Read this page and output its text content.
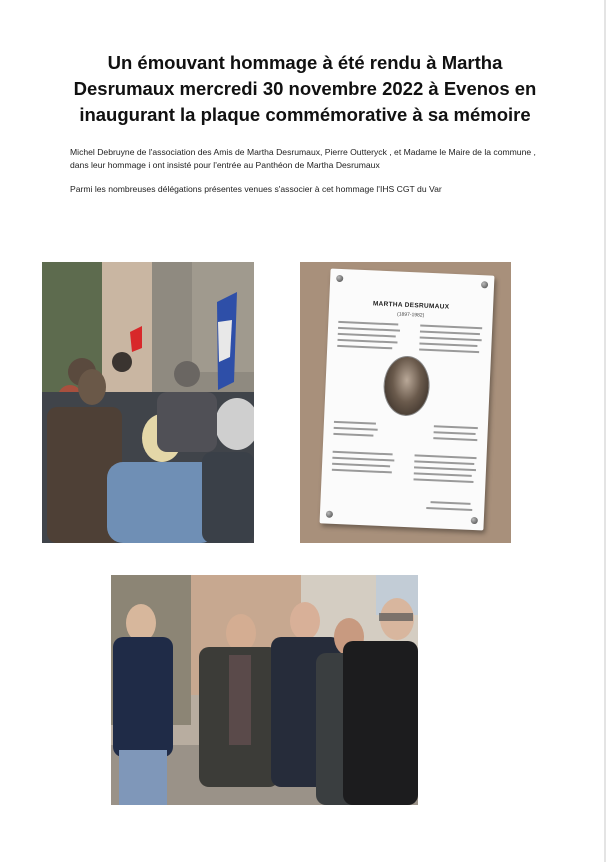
Un émouvant hommage à été rendu à Martha Desrumaux mercredi 30 novembre 2022 à Evenos en inaugurant la plaque commémorative à sa mémoire
Michel Debruyne de l'association des Amis de Martha Desrumaux, Pierre Outteryck , et Madame le Maire de la commune , dans leur hommage i ont insisté pour l'entrée au Panthéon de Martha Desrumaux
Parmi les nombreuses délégations présentes venues s'associer à cet hommage l'IHS CGT du Var
MARTHA DESRUMAUX
(1897-1982)
